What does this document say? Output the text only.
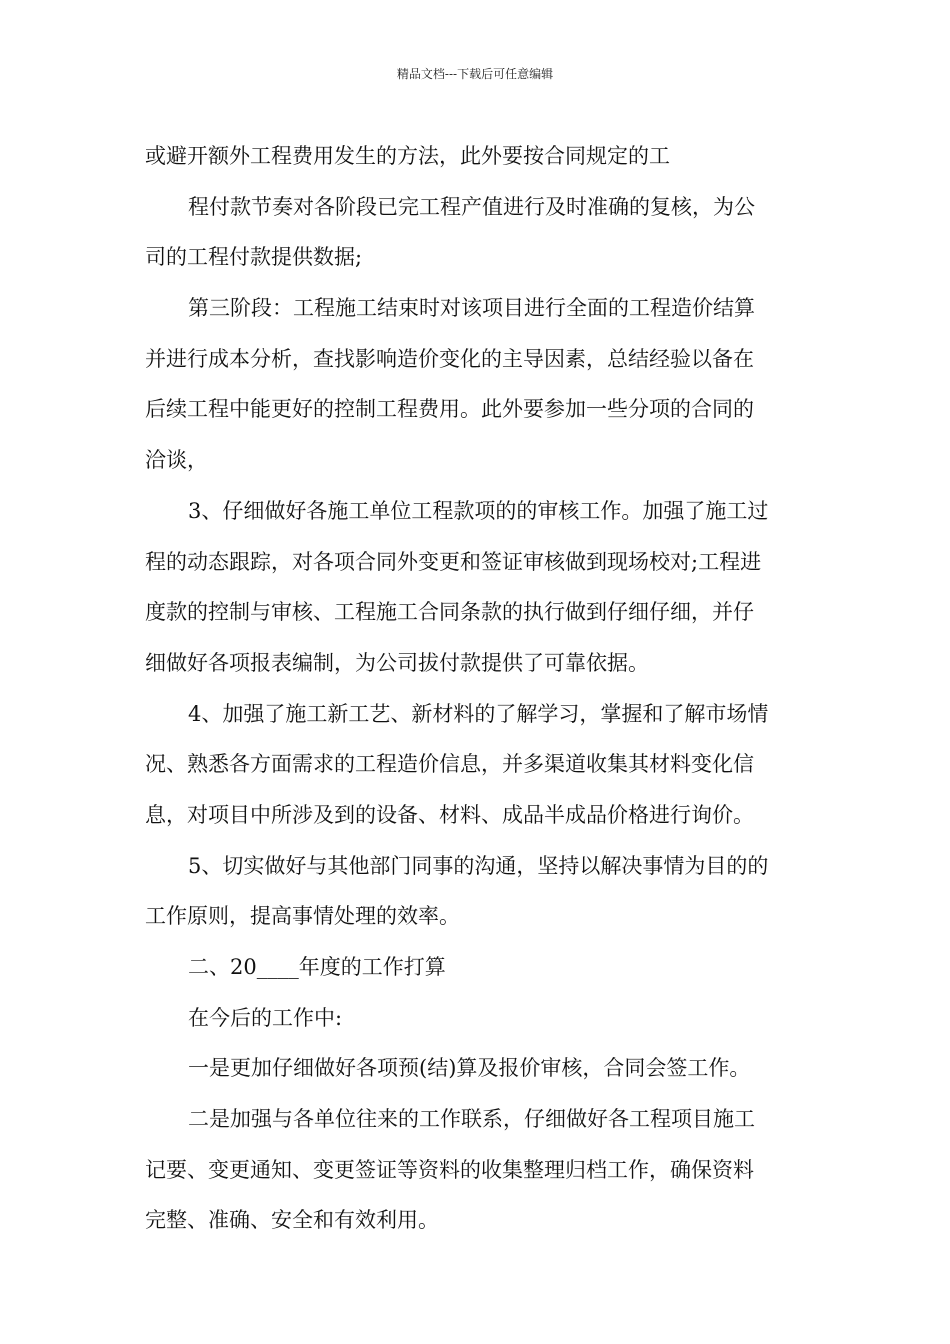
精品文档---下载后可任意编辑
或避开额外工程费用发生的方法，此外要按合同规定的工
程付款节奏对各阶段已完工程产值进行及时准确的复核，为公
司的工程付款提供数据;
第三阶段：工程施工结束时对该项目进行全面的工程造价结算
并进行成本分析，查找影响造价变化的主导因素，总结经验以备在
后续工程中能更好的控制工程费用。此外要参加一些分项的合同的
洽谈，
3、仔细做好各施工单位工程款项的的审核工作。加强了施工过
程的动态跟踪，对各项合同外变更和签证审核做到现场校对;工程进
度款的控制与审核、工程施工合同条款的执行做到仔细仔细，并仔
细做好各项报表编制，为公司拔付款提供了可靠依据。
4、加强了施工新工艺、新材料的了解学习，掌握和了解市场情
况、熟悉各方面需求的工程造价信息，并多渠道收集其材料变化信
息，对项目中所涉及到的设备、材料、成品半成品价格进行询价。
5、切实做好与其他部门同事的沟通，坚持以解决事情为目的的
工作原则，提高事情处理的效率。
二、20____年度的工作打算
在今后的工作中:
一是更加仔细做好各项预(结)算及报价审核，合同会签工作。
二是加强与各单位往来的工作联系，仔细做好各工程项目施工
记要、变更通知、变更签证等资料的收集整理归档工作，确保资料
完整、准确、安全和有效利用。
